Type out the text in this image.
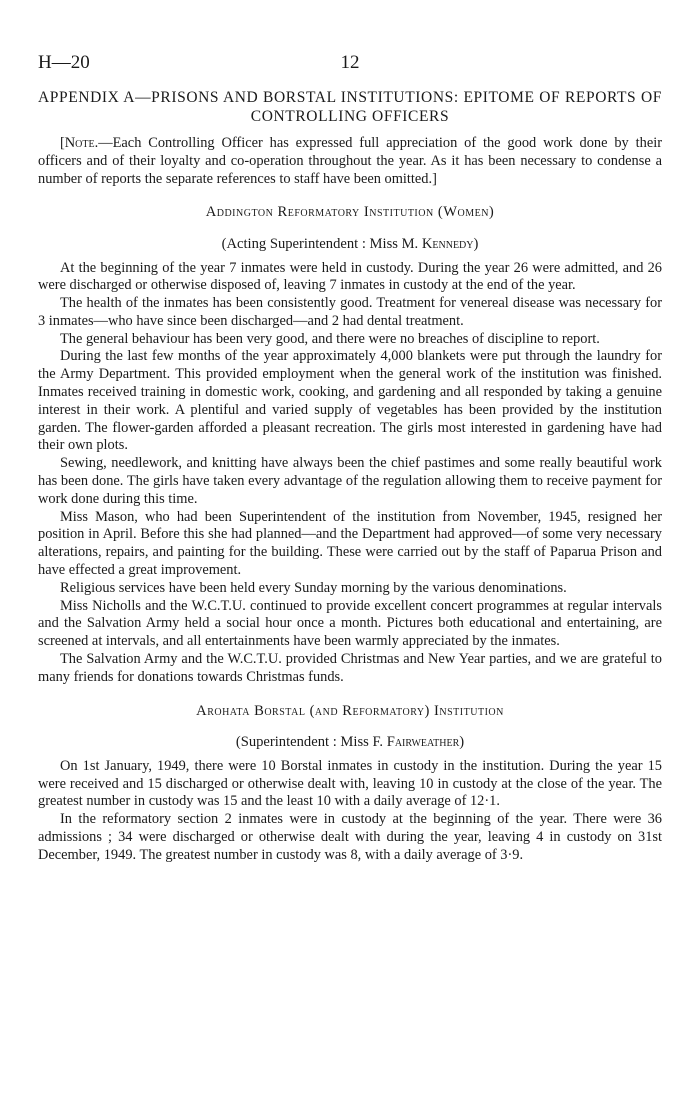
H—20	12
APPENDIX A—PRISONS AND BORSTAL INSTITUTIONS: EPITOME OF REPORTS OF CONTROLLING OFFICERS

[Note.—Each Controlling Officer has expressed full appreciation of the good work done by their officers and of their loyalty and co-operation throughout the year. As it has been necessary to condense a number of reports the separate references to staff have been omitted.]

Addington Reformatory Institution (Women)
(Acting Superintendent : Miss M. Kennedy)

At the beginning of the year 7 inmates were held in custody. During the year 26 were admitted, and 26 were discharged or otherwise disposed of, leaving 7 inmates in custody at the end of the year.

The health of the inmates has been consistently good. Treatment for venereal disease was necessary for 3 inmates—who have since been discharged—and 2 had dental treatment.

The general behaviour has been very good, and there were no breaches of discipline to report.

During the last few months of the year approximately 4,000 blankets were put through the laundry for the Army Department. This provided employment when the general work of the institution was finished. Inmates received training in domestic work, cooking, and gardening and all responded by taking a genuine interest in their work. A plentiful and varied supply of vegetables has been provided by the institution garden. The flower-garden afforded a pleasant recreation. The girls most interested in gardening have had their own plots.

Sewing, needlework, and knitting have always been the chief pastimes and some really beautiful work has been done. The girls have taken every advantage of the regulation allowing them to receive payment for work done during this time.

Miss Mason, who had been Superintendent of the institution from November, 1945, resigned her position in April. Before this she had planned—and the Department had approved—of some very necessary alterations, repairs, and painting for the building. These were carried out by the staff of Paparua Prison and have effected a great improvement.

Religious services have been held every Sunday morning by the various denominations.

Miss Nicholls and the W.C.T.U. continued to provide excellent concert programmes at regular intervals and the Salvation Army held a social hour once a month. Pictures both educational and entertaining, are screened at intervals, and all entertainments have been warmly appreciated by the inmates.

The Salvation Army and the W.C.T.U. provided Christmas and New Year parties, and we are grateful to many friends for donations towards Christmas funds.

Arohata Borstal (and Reformatory) Institution
(Superintendent : Miss F. Fairweather)

On 1st January, 1949, there were 10 Borstal inmates in custody in the institution. During the year 15 were received and 15 discharged or otherwise dealt with, leaving 10 in custody at the close of the year. The greatest number in custody was 15 and the least 10 with a daily average of 12·1.

In the reformatory section 2 inmates were in custody at the beginning of the year. There were 36 admissions ; 34 were discharged or otherwise dealt with during the year, leaving 4 in custody on 31st December, 1949. The greatest number in custody was 8, with a daily average of 3·9.
